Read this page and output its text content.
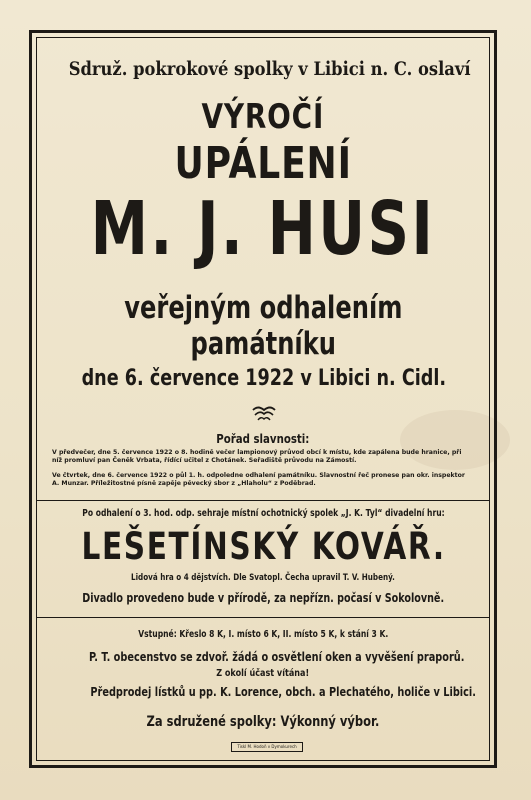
Sdruž. pokrokové spolky v Libici n. C. oslaví
VÝROČÍ
UPÁLENÍ
M. J. HUSI
veřejným odhalením
památníku
dne 6. července 1922 v Libici n. Cidl.
Pořad slavnosti:
V předvečer, dne 5. července 1922 o 8. hodině večer lampionový průvod obcí k místu, kde zapálena bude hranice, při níž promluví pan Čeněk Vrbata, řídící učitel z Chotánek. Seřadiště průvodu na Zámostí.
Ve čtvrtek, dne 6. července 1922 o půl 1. h. odpoledne odhalení památníku. Slavnostní řeč pronese pan okr. inspektor A. Munzar. Příležitostné písně zapěje pěvecký sbor z „Hlaholu“ z Poděbrad.
Po odhalení o 3. hod. odp. sehraje místní ochotnický spolek „J. K. Tyl“ divadelní hru:
LEŠETÍNSKÝ KOVÁŘ.
Lidová hra o 4 dějstvích. Dle Svatopl. Čecha upravil T. V. Hubený.
Divadlo provedeno bude v přírodě, za nepřízn. počasí v Sokolovně.
Vstupné: Křeslo 8 K, I. místo 6 K, II. místo 5 K, k stání 3 K.
P. T. obecenstvo se zdvoř. žádá o osvětlení oken a vyvěšení praporů.
Z okolí účast vítána!
Předprodej lístků u pp. K. Lorence, obch. a Plechatého, holiče v Libici.
Za sdružené spolky: Výkonný výbor.
Tiskl M. Hodoň v Dymokurech
